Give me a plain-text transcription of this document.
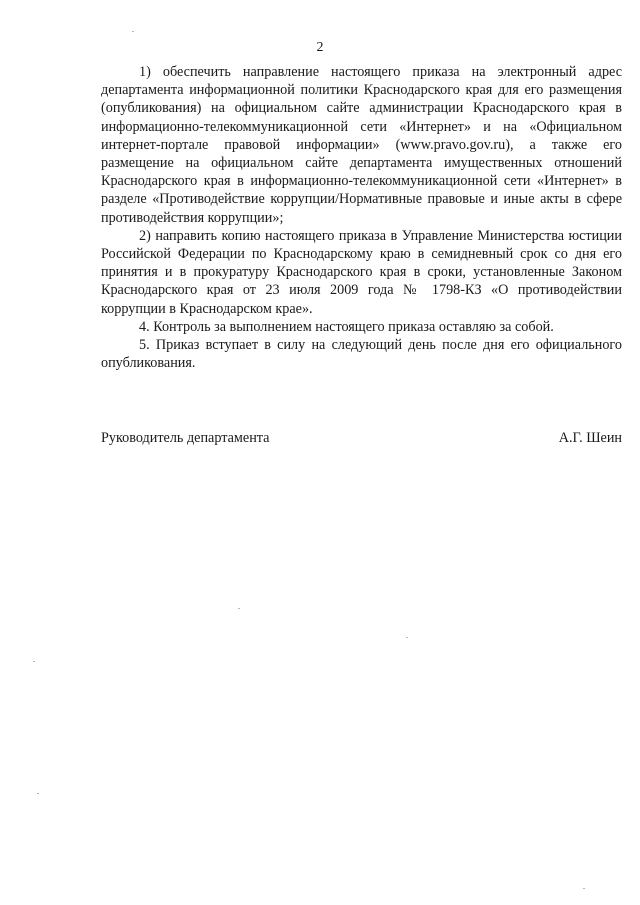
2

1) обеспечить направление настоящего приказа на электронный адрес департамента информационной политики Краснодарского края для его размещения (опубликования) на официальном сайте администрации Краснодарского края в информационно-телекоммуникационной сети «Интернет» и на «Официальном интернет-портале правовой информации» (www.pravo.gov.ru), а также его размещение на официальном сайте департамента имущественных отношений Краснодарского края в информационно-телекоммуникационной сети «Интернет» в разделе «Противодействие коррупции/Нормативные правовые и иные акты в сфере противодействия коррупции»;

2) направить копию настоящего приказа в Управление Министерства юстиции Российской Федерации по Краснодарскому краю в семидневный срок со дня его принятия и в прокуратуру Краснодарского края в сроки, установленные Законом Краснодарского края от 23 июля 2009 года № 1798-КЗ «О противодействии коррупции в Краснодарском крае».

4. Контроль за выполнением настоящего приказа оставляю за собой.

5. Приказ вступает в силу на следующий день после дня его официального опубликования.

Руководитель департамента	А.Г. Шеин
